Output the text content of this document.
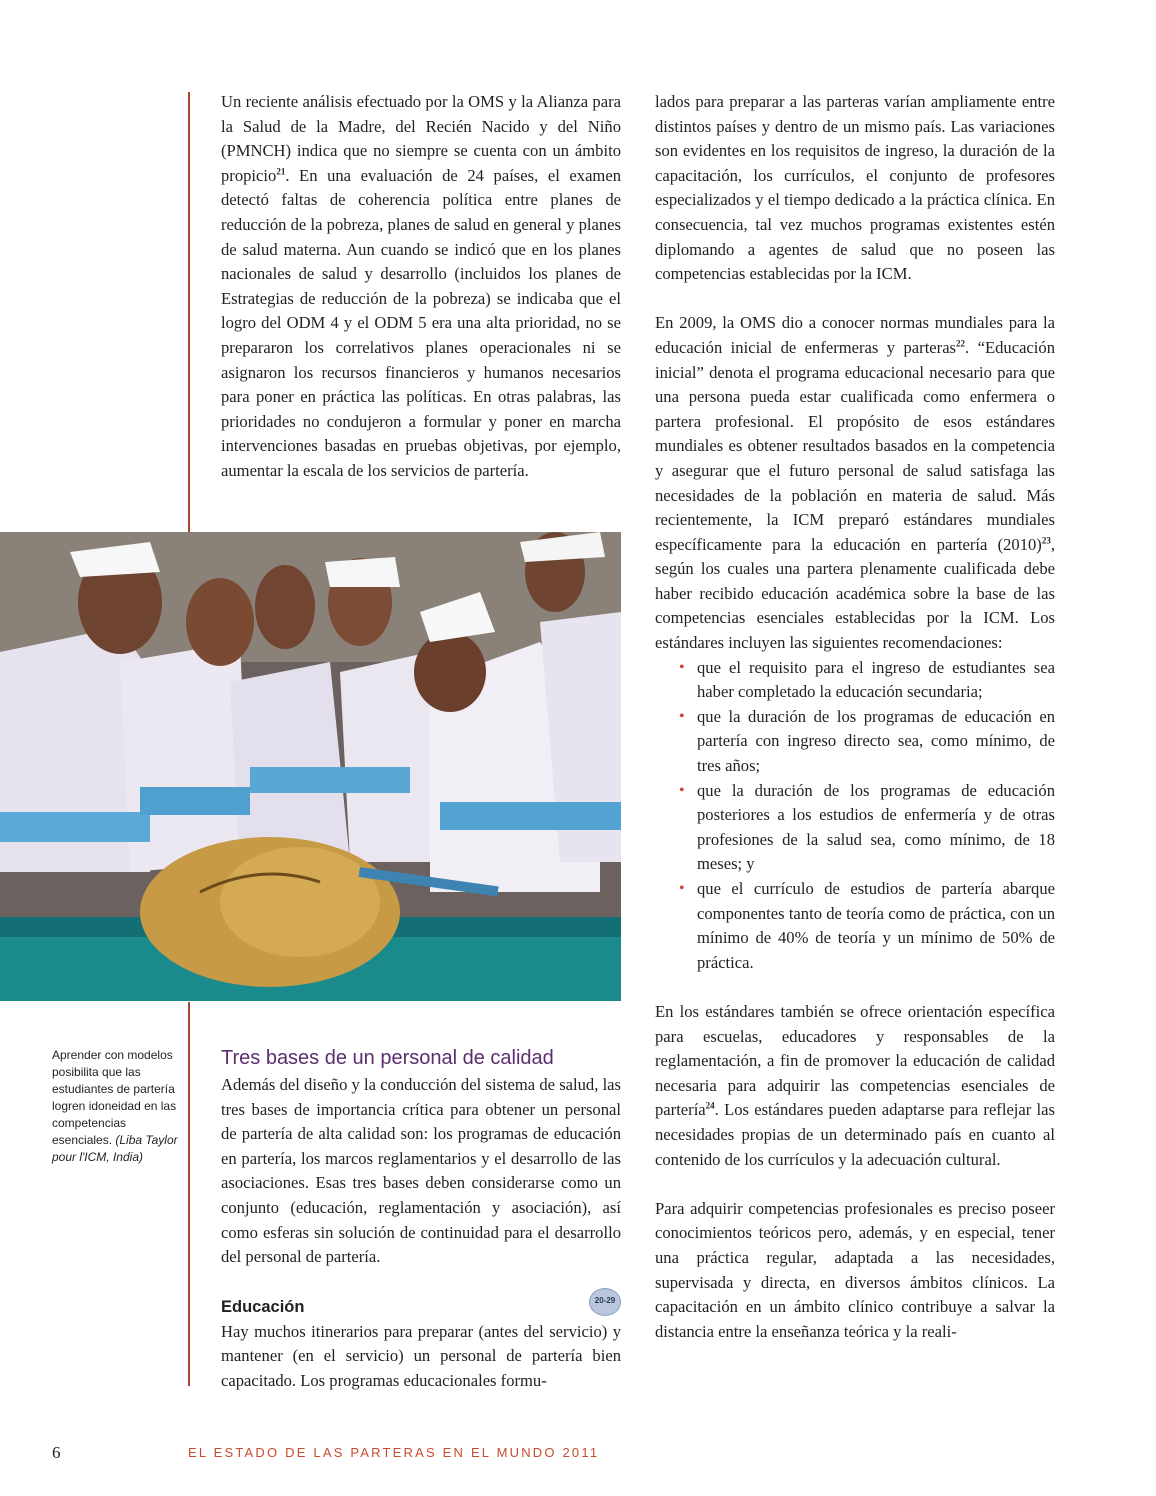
Un reciente análisis efectuado por la OMS y la Alianza para la Salud de la Madre, del Recién Nacido y del Niño (PMNCH) indica que no siempre se cuenta con un ámbito propicio$^{21}$. En una evaluación de 24 países, el examen detectó faltas de coherencia política entre planes de reducción de la pobreza, planes de salud en general y planes de salud materna. Aun cuando se indicó que en los planes nacionales de salud y desarrollo (incluidos los planes de Estrategias de reducción de la pobreza) se indicaba que el logro del ODM 4 y el ODM 5 era una alta prioridad, no se prepararon los correlativos planes operacionales ni se asignaron los recursos financieros y humanos necesarios para poner en práctica las políticas. En otras palabras, las prioridades no condujeron a formular y poner en marcha intervenciones basadas en pruebas objetivas, por ejemplo, aumentar la escala de los servicios de partería.

Aprender con modelos posibilita que las estudiantes de partería logren idoneidad en las competencias esenciales. (Liba Taylor pour l'ICM, India)
Tres bases de un personal de calidad

Además del diseño y la conducción del sistema de salud, las tres bases de importancia crítica para obtener un personal de partería de alta calidad son: los programas de educación en partería, los marcos reglamentarios y el desarrollo de las asociaciones. Esas tres bases deben considerarse como un conjunto (educación, reglamentación y asociación), así como esferas sin solución de continuidad para el desarrollo del personal de partería.

Educación	20-29

Hay muchos itinerarios para preparar (antes del servicio) y mantener (en el servicio) un personal de partería bien capacitado. Los programas educacionales formu-

lados para preparar a las parteras varían ampliamente entre distintos países y dentro de un mismo país. Las variaciones son evidentes en los requisitos de ingreso, la duración de la capacitación, los currículos, el conjunto de profesores especializados y el tiempo dedicado a la práctica clínica. En consecuencia, tal vez muchos programas existentes estén diplomando a agentes de salud que no poseen las competencias establecidas por la ICM.

En 2009, la OMS dio a conocer normas mundiales para la educación inicial de enfermeras y parteras$^{22}$. “Educación inicial” denota el programa educacional necesario para que una persona pueda estar cualificada como enfermera o partera profesional. El propósito de esos estándares mundiales es obtener resultados basados en la competencia y asegurar que el futuro personal de salud satisfaga las necesidades de la población en materia de salud. Más recientemente, la ICM preparó estándares mundiales específicamente para la educación en partería $(2010)^{23}$, según los cuales una partera plenamente cualificada debe haber recibido educación académica sobre la base de las competencias esenciales establecidas por la ICM. Los estándares incluyen las siguientes recomendaciones:

• que el requisito para el ingreso de estudiantes sea haber completado la educación secundaria;
• que la duración de los programas de educación en partería con ingreso directo sea, como mínimo, de tres años;
• que la duración de los programas de educación posteriores a los estudios de enfermería y de otras profesiones de la salud sea, como mínimo, de 18 meses; y
• que el currículo de estudios de partería abarque componentes tanto de teoría como de práctica, con un mínimo de 40% de teoría y un mínimo de 50% de práctica.

En los estándares también se ofrece orientación específica para escuelas, educadores y responsables de la reglamentación, a fin de promover la educación de calidad necesaria para adquirir las competencias esenciales de partería$^{24}$. Los estándares pueden adaptarse para reflejar las necesidades propias de un determinado país en cuanto al contenido de los currículos y la adecuación cultural.

Para adquirir competencias profesionales es preciso poseer conocimientos teóricos pero, además, y en especial, tener una práctica regular, adaptada a las necesidades, supervisada y directa, en diversos ámbitos clínicos. La capacitación en un ámbito clínico contribuye a salvar la distancia entre la enseñanza teórica y la reali-

6	EL ESTADO DE LAS PARTERAS EN EL MUNDO 2011
